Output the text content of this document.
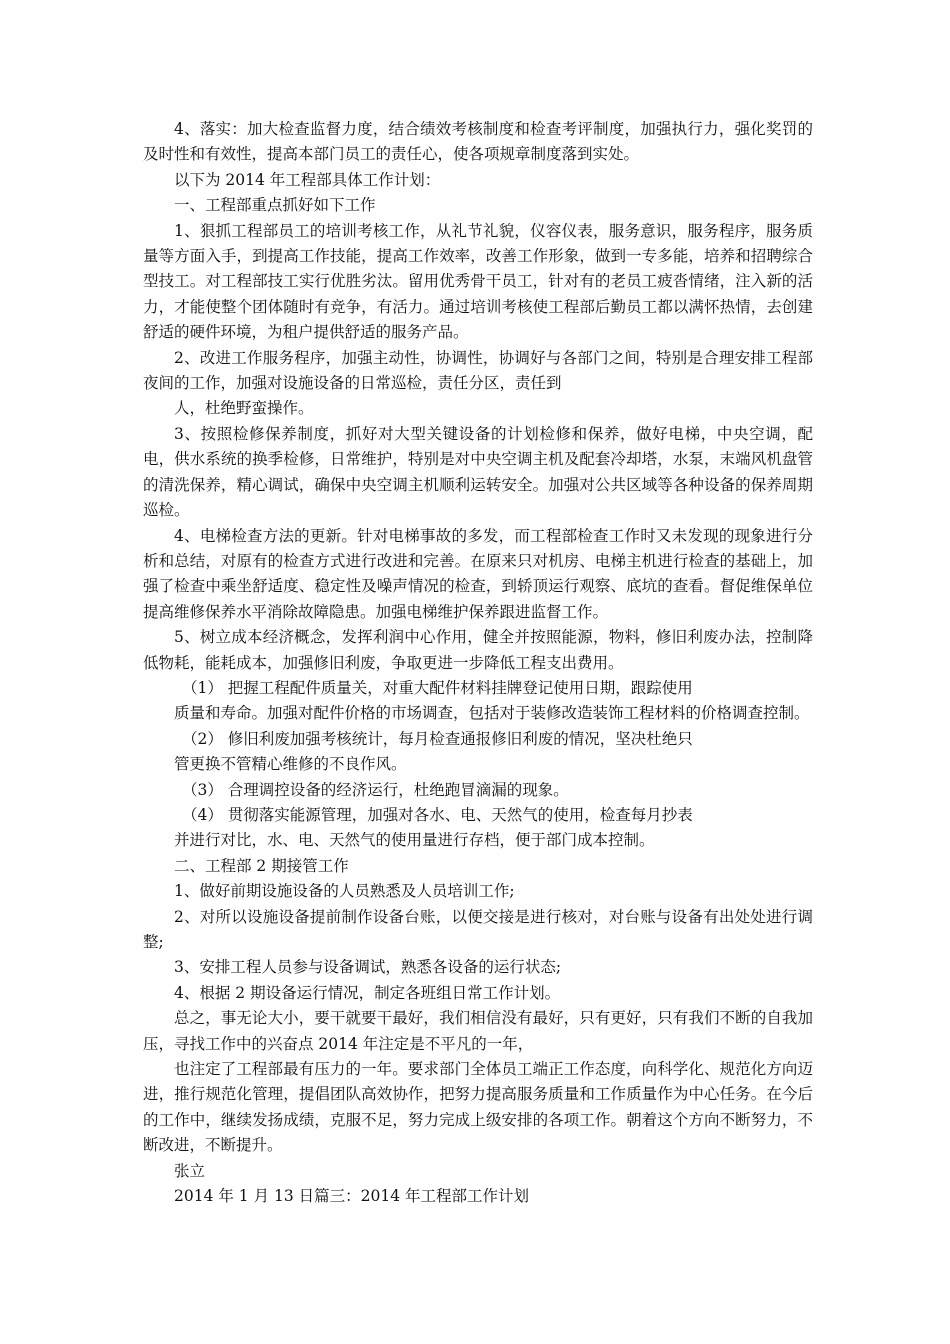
4、落实：加大检查监督力度，结合绩效考核制度和检查考评制度，加强执行力，强化奖罚的及时性和有效性，提高本部门员工的责任心，使各项规章制度落到实处。

以下为 2014 年工程部具体工作计划：

一、工程部重点抓好如下工作

1、狠抓工程部员工的培训考核工作，从礼节礼貌，仪容仪表，服务意识，服务程序，服务质量等方面入手，到提高工作技能，提高工作效率，改善工作形象，做到一专多能，培养和招聘综合型技工。对工程部技工实行优胜劣汰。留用优秀骨干员工，针对有的老员工疲沓情绪，注入新的活力，才能使整个团体随时有竞争，有活力。通过培训考核使工程部后勤员工都以满怀热情，去创建舒适的硬件环境，为租户提供舒适的服务产品。

2、改进工作服务程序，加强主动性，协调性，协调好与各部门之间，特别是合理安排工程部夜间的工作，加强对设施设备的日常巡检，责任分区，责任到

人，杜绝野蛮操作。

3、按照检修保养制度，抓好对大型关键设备的计划检修和保养，做好电梯，中央空调，配电，供水系统的换季检修，日常维护，特别是对中央空调主机及配套冷却塔，水泵，末端风机盘管的清洗保养，精心调试，确保中央空调主机顺利运转安全。加强对公共区域等各种设备的保养周期巡检。

4、电梯检查方法的更新。针对电梯事故的多发，而工程部检查工作时又未发现的现象进行分析和总结，对原有的检查方式进行改进和完善。在原来只对机房、电梯主机进行检查的基础上，加强了检查中乘坐舒适度、稳定性及噪声情况的检查，到轿顶运行观察、底坑的查看。督促维保单位提高维修保养水平消除故障隐患。加强电梯维护保养跟进监督工作。

5、树立成本经济概念，发挥利润中心作用，健全并按照能源，物料，修旧利废办法，控制降低物耗，能耗成本，加强修旧利废，争取更进一步降低工程支出费用。

（1） 把握工程配件质量关，对重大配件材料挂牌登记使用日期，跟踪使用

质量和寿命。加强对配件价格的市场调查，包括对于装修改造装饰工程材料的价格调查控制。

（2） 修旧利废加强考核统计，每月检查通报修旧利废的情况，坚决杜绝只

管更换不管精心维修的不良作风。

（3） 合理调控设备的经济运行，杜绝跑冒滴漏的现象。

（4） 贯彻落实能源管理，加强对各水、电、天然气的使用，检查每月抄表

并进行对比，水、电、天然气的使用量进行存档，便于部门成本控制。

二、工程部 2 期接管工作

1、做好前期设施设备的人员熟悉及人员培训工作;

2、对所以设施设备提前制作设备台账，以便交接是进行核对，对台账与设备有出处处进行调整;

3、安排工程人员参与设备调试，熟悉各设备的运行状态;

4、根据 2 期设备运行情况，制定各班组日常工作计划。

总之，事无论大小，要干就要干最好，我们相信没有最好，只有更好，只有我们不断的自我加压，寻找工作中的兴奋点 2014 年注定是不平凡的一年，

也注定了工程部最有压力的一年。要求部门全体员工端正工作态度，向科学化、规范化方向迈进，推行规范化管理，提倡团队高效协作，把努力提高服务质量和工作质量作为中心任务。在今后的工作中，继续发扬成绩，克服不足，努力完成上级安排的各项工作。朝着这个方向不断努力，不断改进，不断提升。

张立

2014 年 1 月 13 日篇三：2014 年工程部工作计划
